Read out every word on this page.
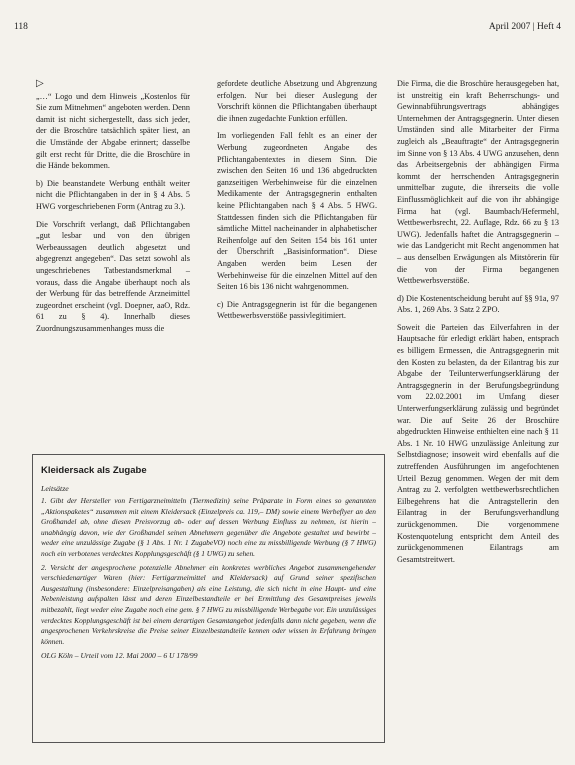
118	April 2007 | Heft 4
▷

„…“ Logo und dem Hinweis „Kostenlos für Sie zum Mitnehmen“ angeboten werden. Denn damit ist nicht sichergestellt, dass sich jeder, der die Broschüre tatsächlich später liest, an die Umstände der Abgabe erinnert; dasselbe gilt erst recht für Dritte, die die Broschüre in die Hände bekommen.

b) Die beanstandete Werbung enthält weiter nicht die Pflichtangaben in der in § 4 Abs. 5 HWG vorgeschriebenen Form (Antrag zu 3.).

Die Vorschrift verlangt, daß Pflichtangaben „gut lesbar und von den übrigen Werbeaussagen deutlich abgesetzt und abgegrenzt angegeben“. Das setzt sowohl als ungeschriebenes Tatbestandsmerkmal – voraus, dass die Angabe überhaupt noch als der Werbung für das betreffende Arzneimittel zugeordnet erscheint (vgl. Doepner, aaO, Rdz. 61 zu § 4). Innerhalb dieses Zuordnungszusammenhanges muss die

gefordete deutliche Absetzung und Abgrenzung erfolgen. Nur bei dieser Auslegung der Vorschrift können die Pflichtangaben überhaupt die ihnen zugedachte Funktion erfüllen.

Im vorliegenden Fall fehlt es an einer der Werbung zugeordneten Angabe des Pflichtangabentextes in diesem Sinn. Die zwischen den Seiten 16 und 136 abgedruckten ganzseitigen Werbehinweise für die einzelnen Medikamente der Antragsgegnerin enthalten keine Pflichtangaben nach § 4 Abs. 5 HWG. Stattdessen finden sich die Pflichtangaben für sämtliche Mittel nacheinander in alphabetischer Reihenfolge auf den Seiten 154 bis 161 unter der Überschrift „Basisinformation“. Diese Angaben werden beim Lesen der Werbehinweise für die einzelnen Mittel auf den Seiten 16 bis 136 nicht wahrgenommen.

c) Die Antragsgegnerin ist für die begangenen Wettbewerbsverstöße passivlegitimiert.

Die Firma, die die Broschüre herausgegeben hat, ist unstreitig ein kraft Beherrschungs- und Gewinnabführungsvertrags abhängiges Unternehmen der Antragsgegnerin. Unter diesen Umständen sind alle Mitarbeiter der Firma zugleich als „Beauftragte“ der Antragsgegnerin im Sinne von § 13 Abs. 4 UWG anzusehen, denn das Arbeitsergebnis der abhängigen Firma kommt der herrschenden Antragsgegnerin unmittelbar zugute, die ihrerseits die volle Einflussmöglichkeit auf die von ihr abhängige Firma hat (vgl. Baumbach/Hefermehl, Wettbewerbsrecht, 22. Auflage, Rdz. 66 zu § 13 UWG). Jedenfalls haftet die Antragsgegnerin – wie das Landgericht mit Recht angenommen hat – aus denselben Erwägungen als Mitstörerin für die von der Firma begangenen Wettbewerbsverstöße.

d) Die Kostenentscheidung beruht auf §§ 91a, 97 Abs. 1, 269 Abs. 3 Satz 2 ZPO.

Soweit die Parteien das Eilverfahren in der Hauptsache für erledigt erklärt haben, entsprach es billigem Ermessen, die Antragsgegnerin mit den Kosten zu belasten, da der Eilantrag bis zur Abgabe der Teilunterwerfungserklärung der Antragsgegnerin in der Berufungsbegründung vom 22.02.2001 im Umfang dieser Unterwerfungserklärung zulässig und begründet war. Die auf Seite 26 der Broschüre abgedruckten Hinweise enthielten eine nach § 11 Abs. 1 Nr. 10 HWG unzulässige Anleitung zur Selbstdiagnose; insoweit wird ebenfalls auf die zutreffenden Ausführungen im angefochtenen Urteil Bezug genommen. Wegen der mit dem Antrag zu 2. verfolgten wettbewerbsrechtlichen Eilbegehrens hat die Antragstellerin den Eilantrag in der Berufungsverhandlung zurückgenommen. Die vorgenommene Kostenquotelung entspricht dem Anteil des zurückgenommenen Eilantrags am Gesamtstreitwert.

Kleidersack als Zugabe
Leitsätze

1. Gibt der Hersteller von Fertigarzneimitteln (Tiermedizin) seine Präparate in Form eines so genannten „Aktionspaketes“ zusammen mit einem Kleidersack (Einzelpreis ca. 119,– DM) sowie einem Werbeflyer an den Großhandel ab, ohne diesen Preisvorzug ab- oder auf dessen Werbung Einfluss zu nehmen, ist hierin – unabhängig davon, wie der Großhandel seinen Abnehmern gegenüber die Angebote gestaltet und bewirbt – weder eine unzulässige Zugabe (§ 1 Abs. 1 Nr. 1 ZugabeVO) noch eine zu missbilligende Werbung (§ 7 HWG) noch ein verbotenes verdecktes Kopplungsgeschäft (§ 1 UWG) zu sehen.

2. Versicht der angesprochene potenzielle Abnehmer ein konkretes werbliches Angebot zusammengehender verschiedenartiger Waren (hier: Fertigarzneimittel und Kleidersack) auf Grund seiner spezifischen Ausgestaltung (insbesondere: Einzelpreisangaben) als eine Leistung, die sich nicht in eine Haupt- und eine Nebenleistung aufspalten lässt und deren Einzelbestandteile er bei Ermittlung des Gesamtpreises jeweils mitbezahlt, liegt weder eine Zugabe noch eine gem. § 7 HWG zu missbilligende Werbegabe vor. Ein unzulässiges verdecktes Kopplungsgeschäft ist bei einem derartigen Gesamtangebot jedenfalls dann nicht gegeben, wenn die angesprochenen Verkehrskreise die Preise seiner Einzelbestandteile kennen oder wissen in Erfahrung bringen können.

OLG Köln – Urteil vom 12. Mai 2000 – 6 U 178/99
